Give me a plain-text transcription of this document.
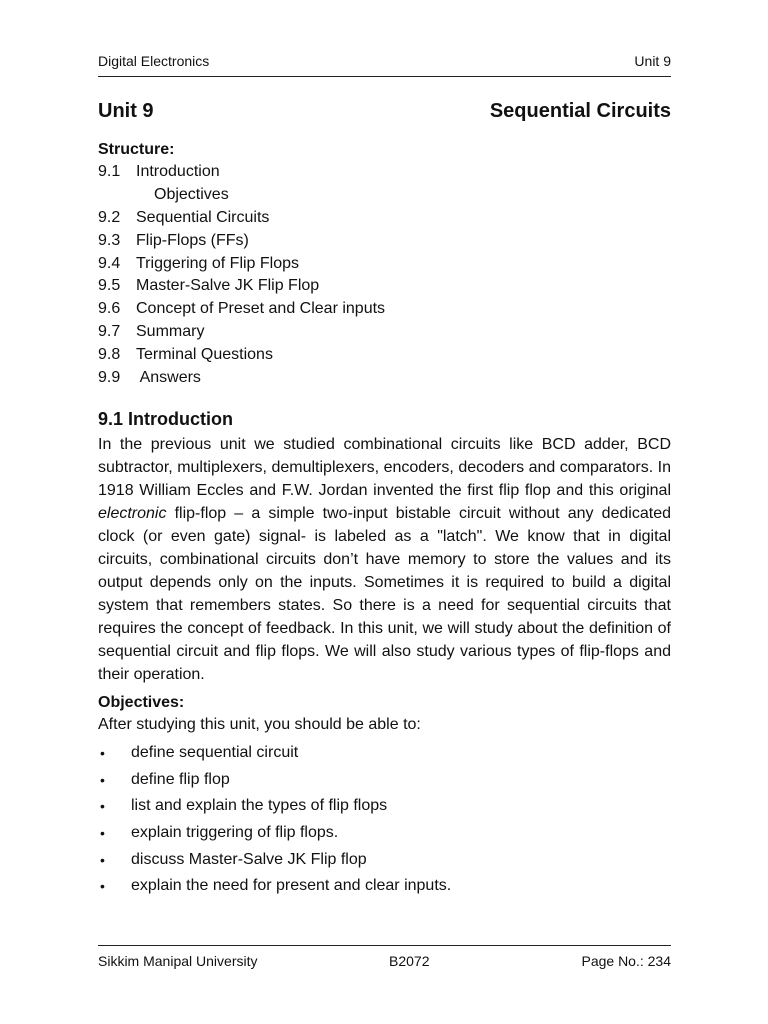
Digital Electronics	Unit 9
Unit 9	Sequential Circuits
Structure:
9.1 Introduction
Objectives
9.2 Sequential Circuits
9.3 Flip-Flops (FFs)
9.4 Triggering of Flip Flops
9.5 Master-Salve JK Flip Flop
9.6 Concept of Preset and Clear inputs
9.7 Summary
9.8 Terminal Questions
9.9 Answers
9.1 Introduction

In the previous unit we studied combinational circuits like BCD adder, BCD subtractor, multiplexers, demultiplexers, encoders, decoders and comparators. In 1918 William Eccles and F.W. Jordan invented the first flip flop and this original electronic flip-flop – a simple two-input bistable circuit without any dedicated clock (or even gate) signal- is labeled as a "latch". We know that in digital circuits, combinational circuits don’t have memory to store the values and its output depends only on the inputs. Sometimes it is required to build a digital system that remembers states. So there is a need for sequential circuits that requires the concept of feedback. In this unit, we will study about the definition of sequential circuit and flip flops. We will also study various types of flip-flops and their operation.

Objectives:
After studying this unit, you should be able to:
• define sequential circuit
• define flip flop
• list and explain the types of flip flops
• explain triggering of flip flops.
• discuss Master-Salve JK Flip flop
• explain the need for present and clear inputs.
Sikkim Manipal University	B2072	Page No.: 234
